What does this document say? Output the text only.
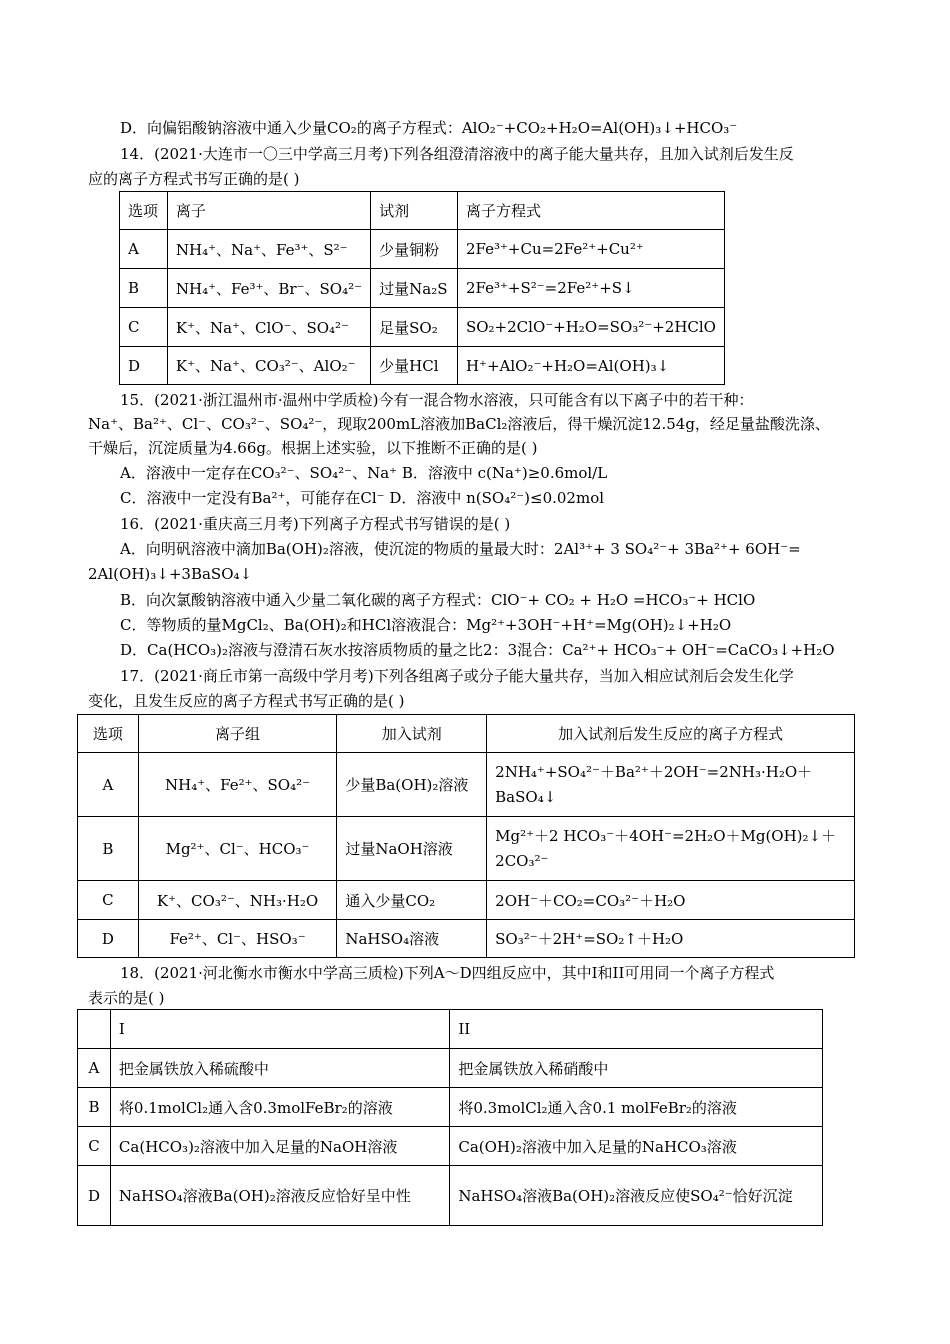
D．向偏铝酸钠溶液中通入少量CO₂的离子方程式：AlO₂⁻+CO₂+H₂O=Al(OH)₃↓+HCO₃⁻
14．(2021·大连市一〇三中学高三月考)下列各组澄清溶液中的离子能大量共存，且加入试剂后发生反
应的离子方程式书写正确的是( )
选项	离子	试剂	离子方程式
A	NH₄⁺、Na⁺、Fe³⁺、S²⁻	少量铜粉	2Fe³⁺+Cu=2Fe²⁺+Cu²⁺
B	NH₄⁺、Fe³⁺、Br⁻、SO₄²⁻	过量Na₂S	2Fe³⁺+S²⁻=2Fe²⁺+S↓
C	K⁺、Na⁺、ClO⁻、SO₄²⁻	足量SO₂	SO₂+2ClO⁻+H₂O=SO₃²⁻+2HClO
D	K⁺、Na⁺、CO₃²⁻、AlO₂⁻	少量HCl	H⁺+AlO₂⁻+H₂O=Al(OH)₃↓
15．(2021·浙江温州市·温州中学质检)今有一混合物水溶液，只可能含有以下离子中的若干种：
Na⁺、Ba²⁺、Cl⁻、CO₃²⁻、SO₄²⁻，现取200mL溶液加BaCl₂溶液后，得干燥沉淀12.54g，经足量盐酸洗涤、
干燥后，沉淀质量为4.66g。根据上述实验，以下推断不正确的是( )
A．溶液中一定存在CO₃²⁻、SO₄²⁻、Na⁺ B．溶液中 c(Na⁺)≥0.6mol/L
C．溶液中一定没有Ba²⁺，可能存在Cl⁻ D．溶液中 n(SO₄²⁻)≤0.02mol
16．(2021·重庆高三月考)下列离子方程式书写错误的是( )
A．向明矾溶液中滴加Ba(OH)₂溶液，使沉淀的物质的量最大时：2Al³⁺+ 3 SO₄²⁻+ 3Ba²⁺+ 6OH⁻=
2Al(OH)₃↓+3BaSO₄↓
B．向次氯酸钠溶液中通入少量二氧化碳的离子方程式：ClO⁻+ CO₂ + H₂O =HCO₃⁻+ HClO
C．等物质的量MgCl₂、Ba(OH)₂和HCl溶液混合：Mg²⁺+3OH⁻+H⁺=Mg(OH)₂↓+H₂O
D．Ca(HCO₃)₂溶液与澄清石灰水按溶质物质的量之比2：3混合：Ca²⁺+ HCO₃⁻+ OH⁻=CaCO₃↓+H₂O
17．(2021·商丘市第一高级中学月考)下列各组离子或分子能大量共存，当加入相应试剂后会发生化学
变化，且发生反应的离子方程式书写正确的是( )
选项	离子组	加入试剂	加入试剂后发生反应的离子方程式
A	NH₄⁺、Fe²⁺、SO₄²⁻	少量Ba(OH)₂溶液	2NH₄⁺+SO₄²⁻＋Ba²⁺＋2OH⁻=2NH₃·H₂O＋
BaSO₄↓

B	Mg²⁺、Cl⁻、HCO₃⁻	过量NaOH溶液	Mg²⁺＋2 HCO₃⁻＋4OH⁻=2H₂O＋Mg(OH)₂↓＋
2CO₃²⁻

C	K⁺、CO₃²⁻、NH₃·H₂O	通入少量CO₂	2OH⁻＋CO₂=CO₃²⁻＋H₂O
D	Fe²⁺、Cl⁻、HSO₃⁻	NaHSO₄溶液	SO₃²⁻＋2H⁺=SO₂↑＋H₂O
18．(2021·河北衡水市衡水中学高三质检)下列A～D四组反应中，其中I和II可用同一个离子方程式
表示的是( )
	I	II
A	把金属铁放入稀硫酸中	把金属铁放入稀硝酸中
B	将0.1molCl₂通入含0.3molFeBr₂的溶液	将0.3molCl₂通入含0.1 molFeBr₂的溶液
C	Ca(HCO₃)₂溶液中加入足量的NaOH溶液	Ca(OH)₂溶液中加入足量的NaHCO₃溶液
D	NaHSO₄溶液Ba(OH)₂溶液反应恰好呈中性	NaHSO₄溶液Ba(OH)₂溶液反应使SO₄²⁻恰好沉淀
